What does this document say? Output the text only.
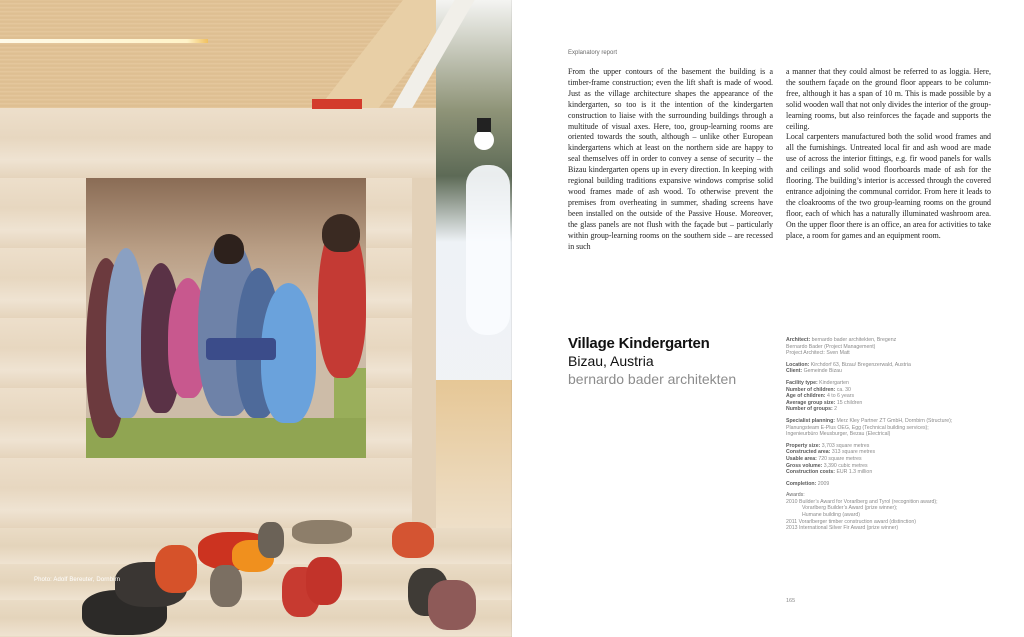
Photo: Adolf Bereuter, Dornbirn
Explanatory report

From the upper contours of the basement the building is a timber-frame construction; even the lift shaft is made of wood. Just as the village architecture shapes the appearance of the kindergarten, so too is it the intention of the kindergarten construction to liaise with the surrounding buildings through a multitude of visual axes. Here, too, group-learning rooms are oriented towards the south, although – unlike other European kindergartens which at least on the northern side are happy to seal themselves off in order to convey a sense of security – the Bizau kindergarten opens up in every direction. In keeping with regional building traditions expansive windows comprise solid wood frames made of ash wood. To otherwise prevent the premises from overheating in summer, shading screens have been installed on the outside of the Passive House. Moreover, the glass panels are not flush with the façade but – particularly within group-learning rooms on the southern side – are recessed in such

a manner that they could almost be referred to as loggia. Here, the southern façade on the ground floor appears to be column-free, although it has a span of 10 m. This is made possible by a solid wooden wall that not only divides the interior of the group-learning rooms, but also reinforces the façade and supports the ceiling.

Local carpenters manufactured both the solid wood frames and all the furnishings. Untreated local fir and ash wood are made use of across the interior fittings, e.g. fir wood panels for walls and ceilings and solid wood floorboards made of ash for the flooring. The building’s interior is accessed through the covered entrance adjoining the communal corridor. From here it leads to the cloakrooms of the two group-learning rooms on the ground floor, each of which has a naturally illuminated washroom area. On the upper floor there is an office, an area for activities to take place, a room for games and an equipment room.

Village Kindergarten
Bizau, Austria
bernardo bader architekten
Architect: bernardo bader architekten, Bregenz
Bernardo Bader (Project Management)
Project Architect: Sven Matt
Location: Kirchdorf 63, Bizau/ Bregenzerwald, Austria
Client: Gemeinde Bizau
Facility type: Kindergarten
Number of children: ca. 30
Age of children: 4 to 6 years
Average group size: 15 children
Number of groups: 2
Specialist planning: Merz Kley Partner ZT GmbH, Dornbirn (Structure);
Planungsteam E-Plus OEG, Egg (Technical building services);
Ingenieurbüro Meusburger, Bezau (Electrical)
Property size: 3,703 square metres
Constructed area: 313 square metres
Usable area: 720 square metres
Gross volume: 3,390 cubic metres
Construction costs: EUR 1.3 million
Completion: 2009
Awards:
2010 Builder’s Award for Vorarlberg and Tyrol (recognition award);
Vorarlberg Builder’s Award (prize winner);
Humane building (award)
2011 Vorarlberger timber construction award (distinction)
2013 International Silver Fir Award (prize winner)
165
